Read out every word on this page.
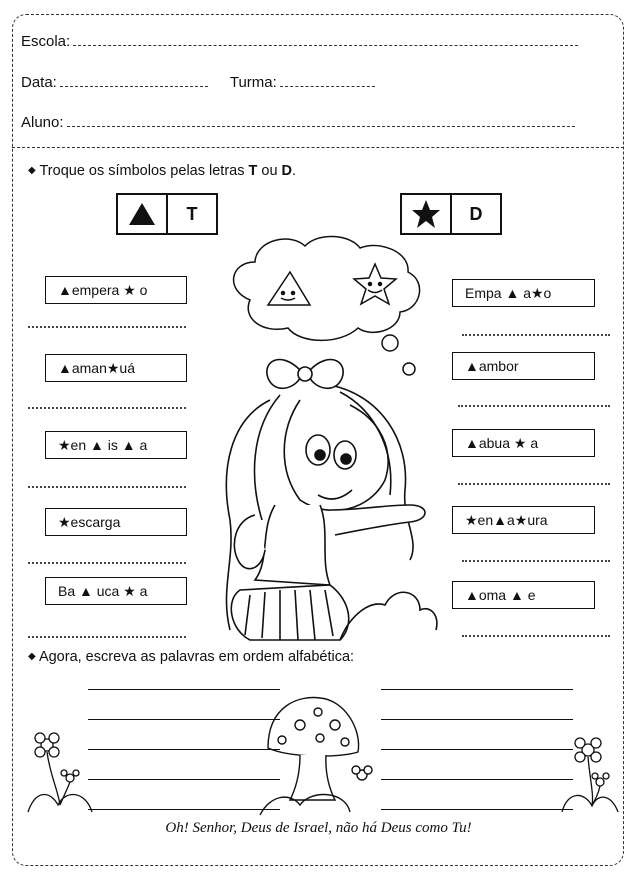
Escola:
Data:	Turma:
Aluno:
◆ Troque os símbolos pelas letras T ou D.
T	D
▲empera ★ o
▲aman★uá
★en ▲ is ▲ a
★escarga
Ba ▲ uca ★ a
Empa ▲ a★o
▲ambor
▲abua ★ a
★en▲a★ura
▲oma ▲ e
◆ Agora, escreva as palavras em ordem alfabética:
Oh! Senhor, Deus de Israel, não há Deus como Tu!
